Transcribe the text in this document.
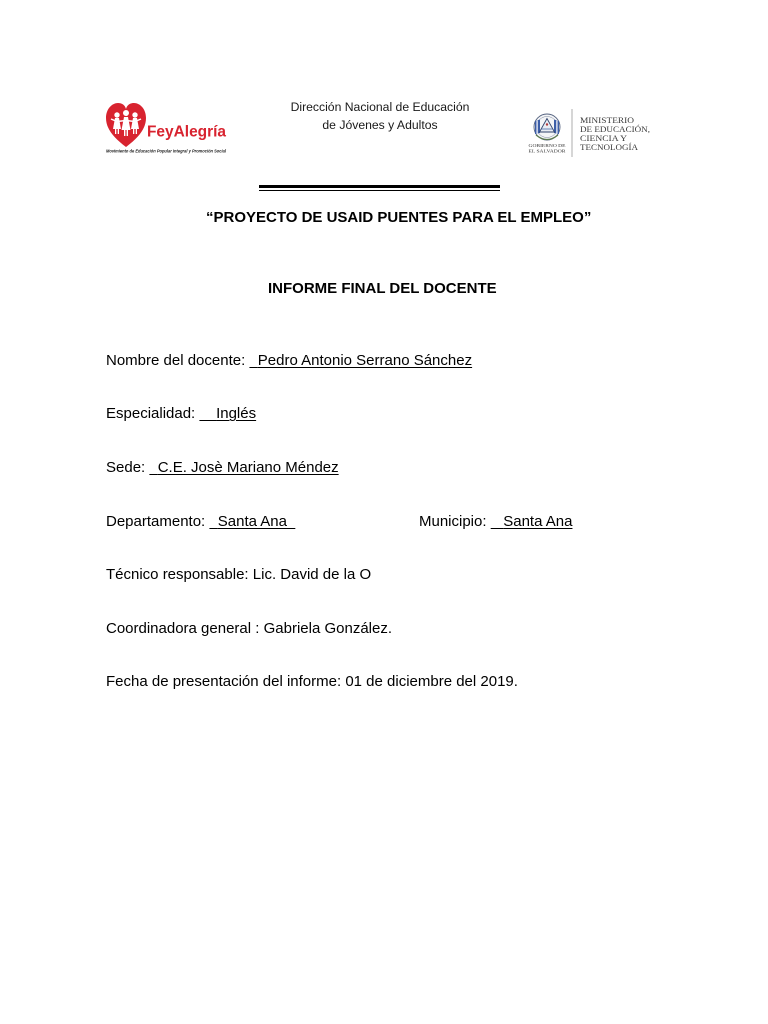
FeyAlegría
Movimiento de Educación Popular Integral y Promoción Social
Dirección Nacional de Educación
de Jóvenes y Adultos
GOBIERNO DE
EL SALVADOR
MINISTERIO
DE EDUCACIÓN,
CIENCIA Y
TECNOLOGÍA
“PROYECTO DE USAID PUENTES PARA EL EMPLEO”
INFORME FINAL DEL DOCENTE
Nombre del docente: Pedro Antonio Serrano Sánchez
Especialidad: Inglés
Sede: C.E. Josè Mariano Méndez
Departamento: Santa Ana	Municipio: Santa Ana
Técnico responsable: Lic. David de la O
Coordinadora general : Gabriela González.
Fecha de presentación del informe: 01 de diciembre del 2019.
